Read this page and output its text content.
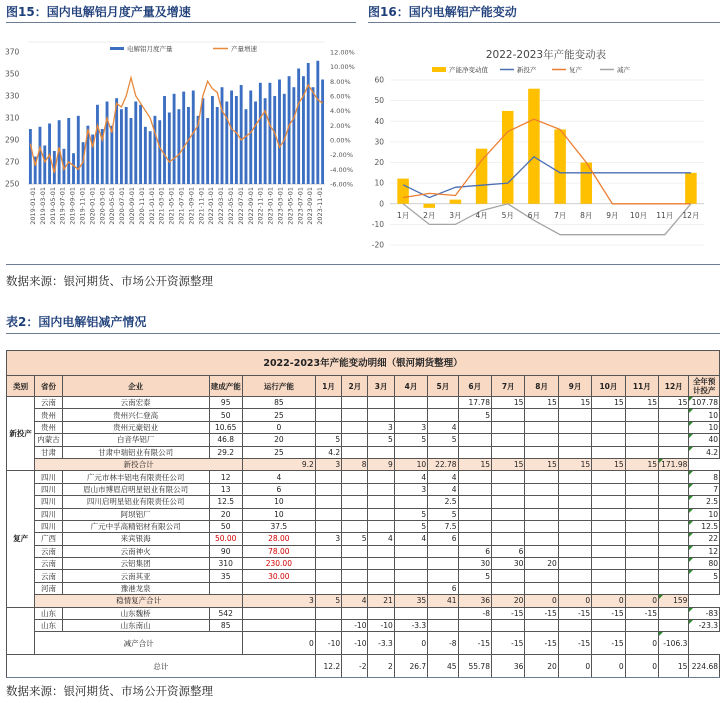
图15：国内电解铝月度产量及增速	图16：国内电解铝产能变动
电解铝月度产量	产量增速
370
350
330
310
290
270
250
12.00%
10.00%
8.00%
6.00%
4.00%
2.00%
0.00%
-2.00%
-4.00%
-6.00%
2019-01-01 2019-03-01 2019-05-01 2019-07-01 2019-09-01 2019-11-01 2020-01-01 2020-03-01 2020-05-01 2020-07-01 2020-09-01 2020-11-01 2021-01-01 2021-03-01 2021-05-01 2021-07-01 2021-09-01 2021-11-01 2022-01-01 2022-03-01 2022-05-01 2022-07-01 2022-09-01 2022-11-01 2023-01-01 2023-03-01 2023-05-01 2023-07-01 2023-09-01 2023-11-01
2022-2023年产能变动表
产能净变动值	新投产	复产	减产
60
50
40
30
20
10
0
-10
-20
1月 2月 3月 4月 5月 6月 7月 8月 9月 10月 11月 12月
数据来源：银河期货、市场公开资源整理
表2：国内电解铝减产情况
2022-2023年产能变动明细（银河期货整理）																	
类别	省份	企业	建成产能	运行产能	1月	2月	3月	4月	5月	6月	7月	8月	9月	10月	11月	12月	全年预计投产
新投产	云南	云南宏泰	95	85						17.78	15	15	15	15	15	15	107.78
	贵州	贵州兴仁登高	50	25						5							10
	贵州	贵州元豪铝业	10.65	0			3	3	4								10
	内蒙古	白音华铝厂	46.8	20	5		5	5	5								40
	甘肃	甘肃中瑞铝业有限公司	29.2	25	4.2												4.2
	新投合计			9.2	3	8	9	10	22.78	15	15	15	15	15	15	171.98	
复产	四川	广元市林丰铝电有限责任公司	12	4				4	4								8
	四川	眉山市博眉启明星铝业有限公司	13	6				3	4								7
	四川	四川启明星铝业有限责任公司	12.5	10					2.5								2.5
	四川	阿坝铝厂	20	10				5	5								10
	四川	广元中孚高精铝材有限公司	50	37.5				5	7.5								12.5
	广西	来宾银海	50.00	28.00	3	5	4	4	6								22
	云南	云南神火	90	78.00						6	6						12
	云南	云铝集团	310	230.00						30	30	20					80
	云南	云南其亚	35	30.00						5							5
	河南	豫港龙泉							6								
	稳情复产合计			3	5	4	21	35	41	36	20	0	0	0	0	159	
	山东	山东魏桥	542							-8	-15	-15	-15	-15	-15		-83
	山东	山东南山	85			-10	-10	-3.3									-23.3
	减产合计			0	-10	-10	-3.3	0	-8	-15	-15	-15	-15	-15	0	-106.3	
总计					12.2	-2	2	26.7	45	55.78	36	20	0	0	0	15	224.68
数据来源：银河期货、市场公开资源整理
